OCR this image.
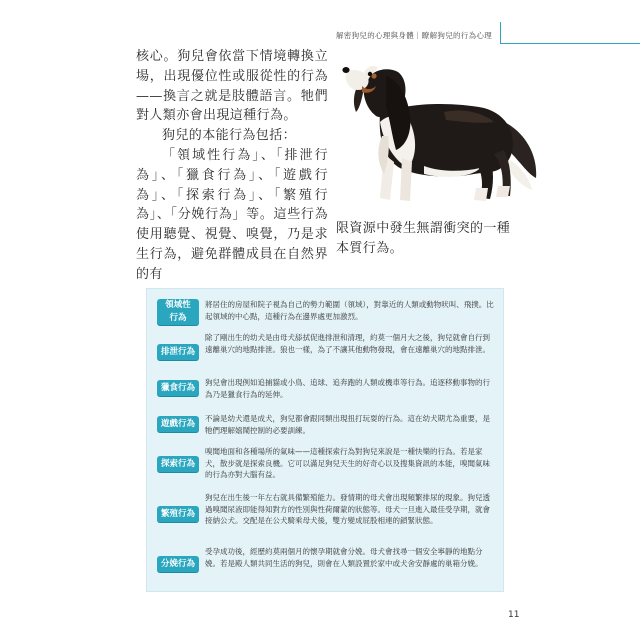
解密狗兒的心理與身體｜瞭解狗兒的行為心理

核心。狗兒會依當下情境轉換立場，出現優位性或服從性的行為——換言之就是肢體語言。牠們對人類亦會出現這種行為。

狗兒的本能行為包括：

「領域性行為」、「排泄行為」、「獵食行為」、「遊戲行為」、「探索行為」、「繁殖行為」、「分娩行為」等。這些行為使用聽覺、視覺、嗅覺，乃是求生行為，避免群體成員在自然界的有

限資源中發生無謂衝突的一種本質行為。

領域性
行為

將居住的房屋和院子視為自己的勢力範圍（領域），對靠近的人類或動物吠叫、飛撲。比起領域的中心點，這種行為在邊界處更加激烈。

排泄行為

除了剛出生的幼犬是由母犬舔拭促進排泄和清理，約莫一個月大之後，狗兒就會自行到遠離巢穴的地點排泄。狼也一樣，為了不讓其他動物發現，會在遠離巢穴的地點排泄。

獵食行為	狗兒會出現例如追捕貓或小鳥、追球、追奔跑的人類或機車等行為。追逐移動事物的行為乃是獵食行為的延伸。

遊戲行為	不論是幼犬還是成犬，狗兒都會跟同類出現扭打玩耍的行為。這在幼犬期尤為重要，是牠們理解嬉鬧控制的必要訓練。

探索行為

嗅聞地面和各種場所的氣味——這種探索行為對狗兒來說是一種快樂的行為。若是家犬，散步就是探索良機。它可以滿足狗兒天生的好奇心以及搜集資訊的本能，嗅聞氣味的行為亦對大腦有益。

繁殖行為

狗兒在出生後一年左右就具備繁殖能力。發情期的母犬會出現頻繁排尿的現象。狗兒透過嗅聞尿液即能得知對方的性別與性荷爾蒙的狀態等。母犬一旦進入最佳受孕期，就會接納公犬。交配是在公犬騎乘母犬後，雙方變成屁股相連的鎖緊狀態。

分娩行為

受孕成功後，經歷約莫兩個月的懷孕期就會分娩。母犬會找尋一個安全寧靜的地點分娩。若是殿人類共同生活的狗兒，則會在人類設置於家中或犬舍安靜處的巢箱分娩。

11
